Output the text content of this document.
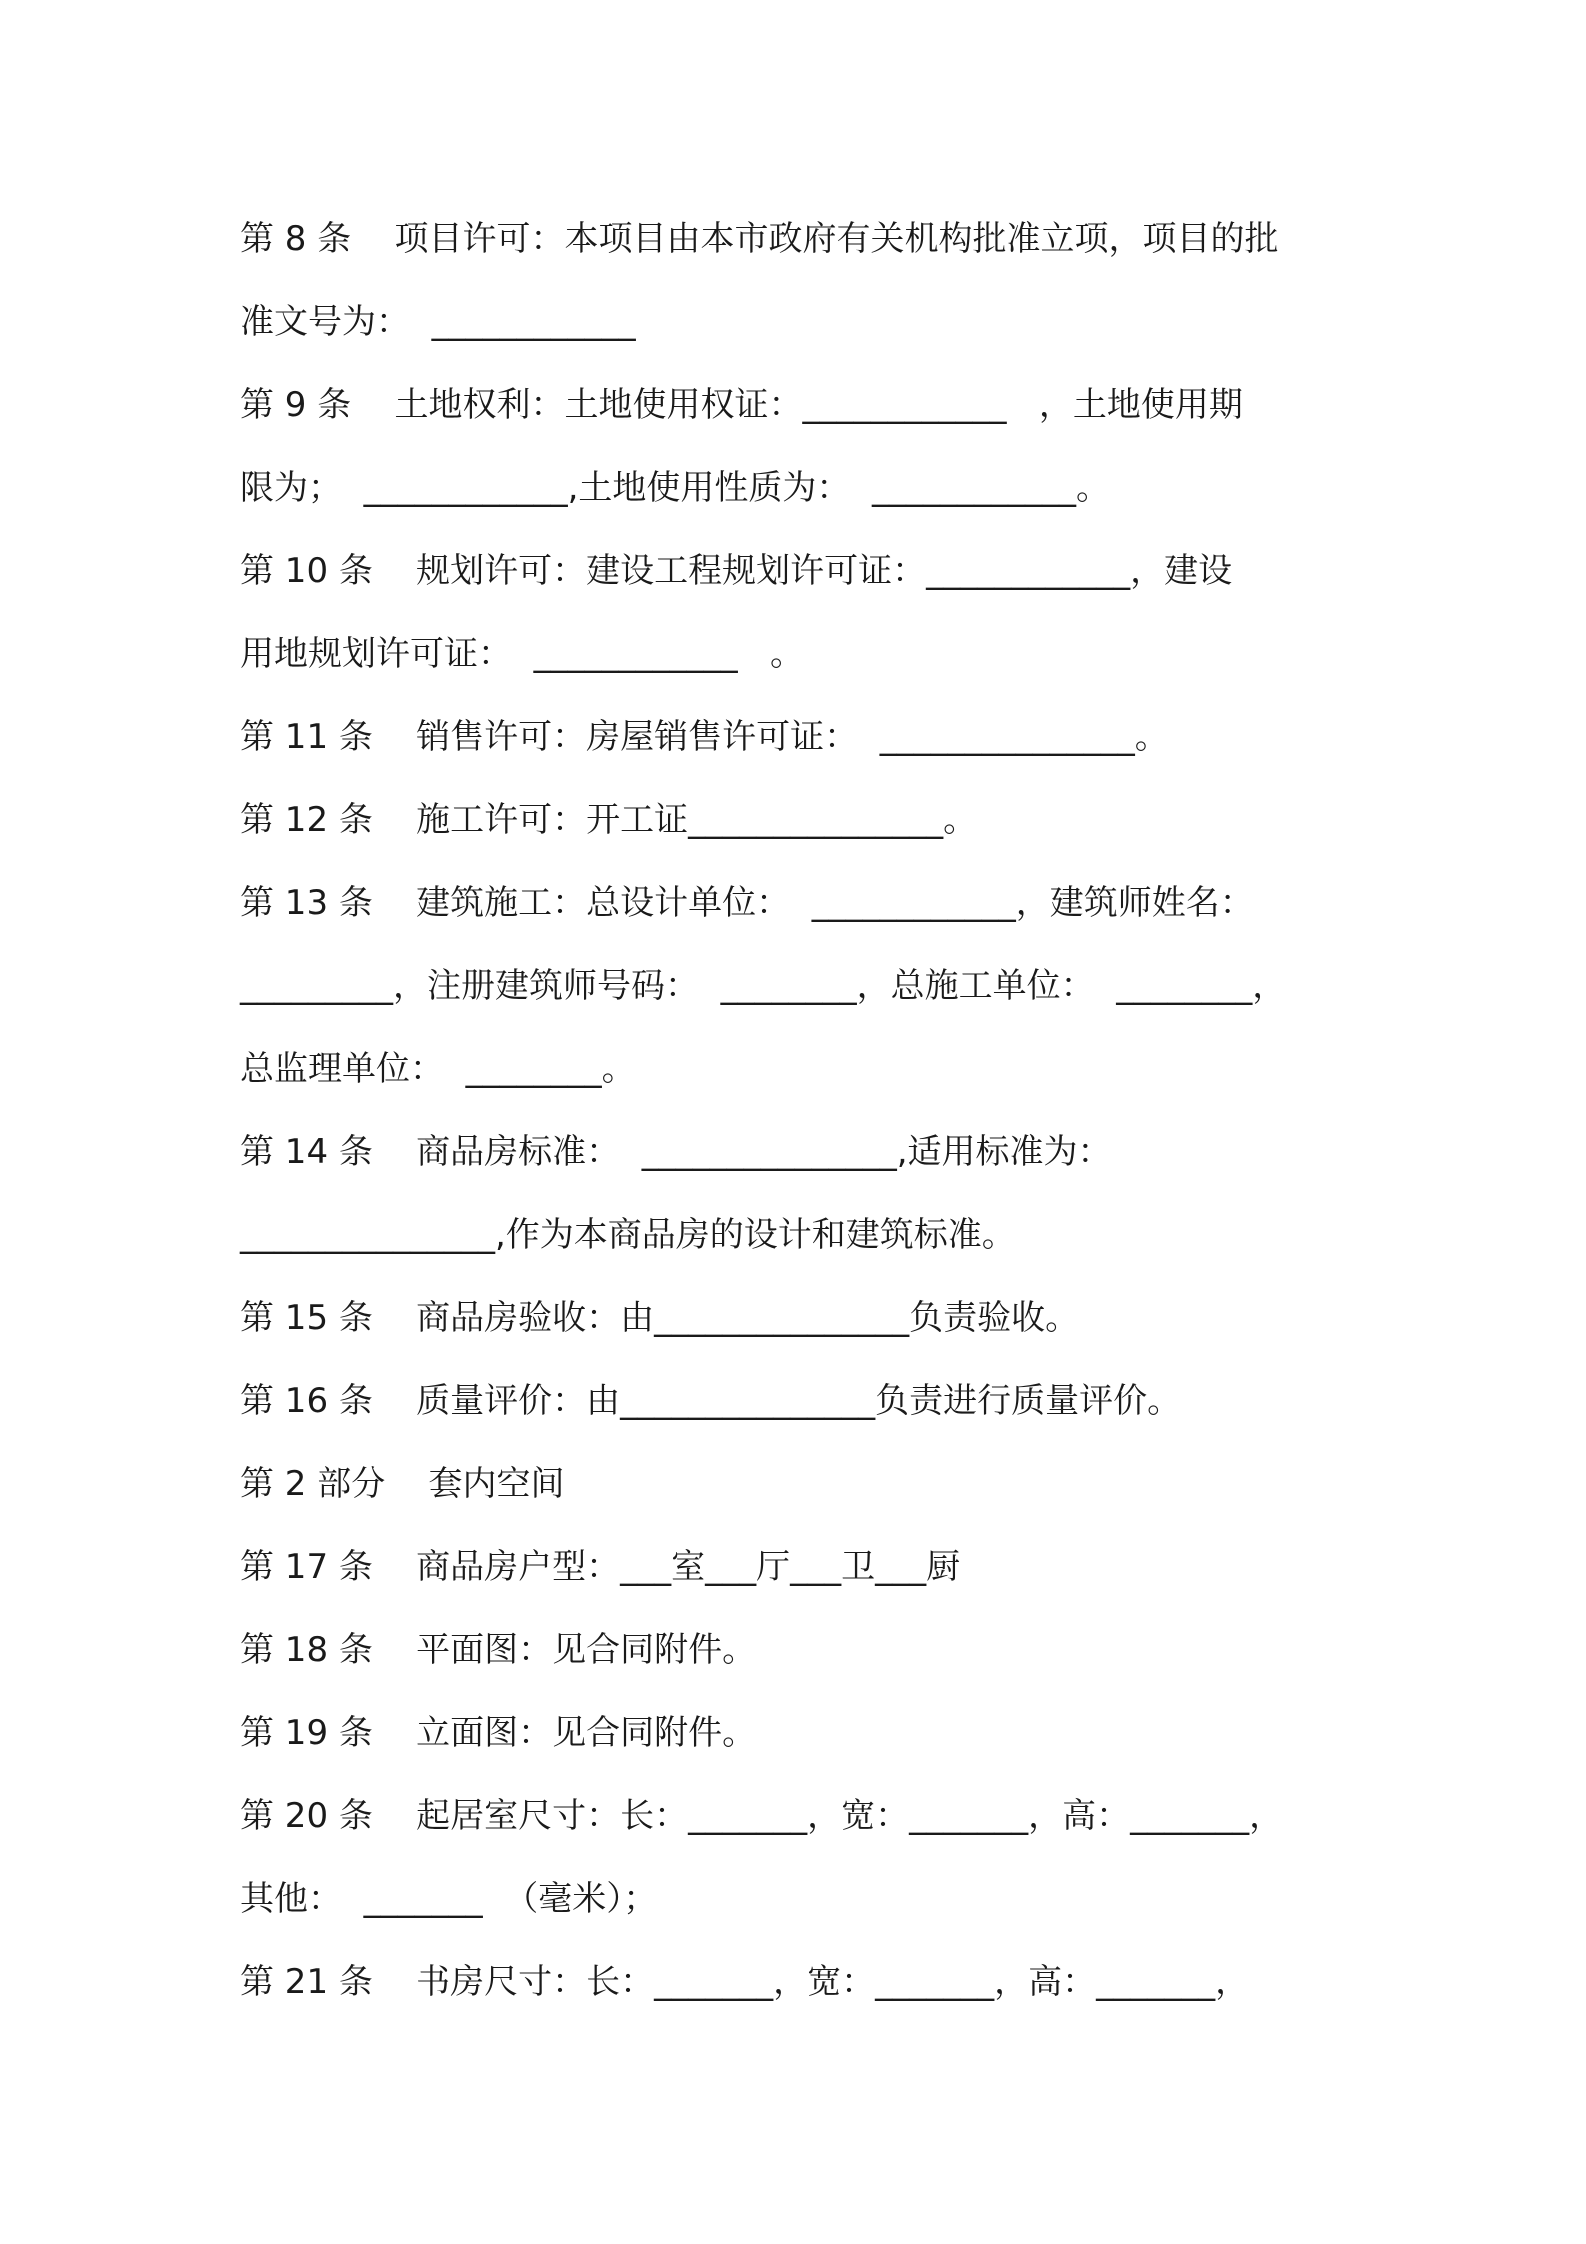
第 8 条    项目许可：本项目由本市政府有关机构批准立项，项目的批
准文号为：  ____________
第 9 条    土地权利：土地使用权证：____________   ，土地使用期
限为；  ____________,土地使用性质为：  ____________。
第 10 条    规划许可：建设工程规划许可证：____________，建设
用地规划许可证：  ____________   。
第 11 条    销售许可：房屋销售许可证：  _______________。
第 12 条    施工许可：开工证_______________。
第 13 条    建筑施工：总设计单位：  ____________，建筑师姓名：
_________，注册建筑师号码：  ________，总施工单位：  ________，
总监理单位：  ________。
第 14 条    商品房标准：  _______________,适用标准为：
_______________,作为本商品房的设计和建筑标准。
第 15 条    商品房验收：由_______________负责验收。
第 16 条    质量评价：由_______________负责进行质量评价。
第 2 部分    套内空间
第 17 条    商品房户型：___室___厅___卫___厨
第 18 条    平面图：见合同附件。
第 19 条    立面图：见合同附件。
第 20 条    起居室尺寸：长：_______，宽：_______，高：_______，
其他：  _______  （毫米）；
第 21 条    书房尺寸：长：_______，宽：_______，高：_______，
